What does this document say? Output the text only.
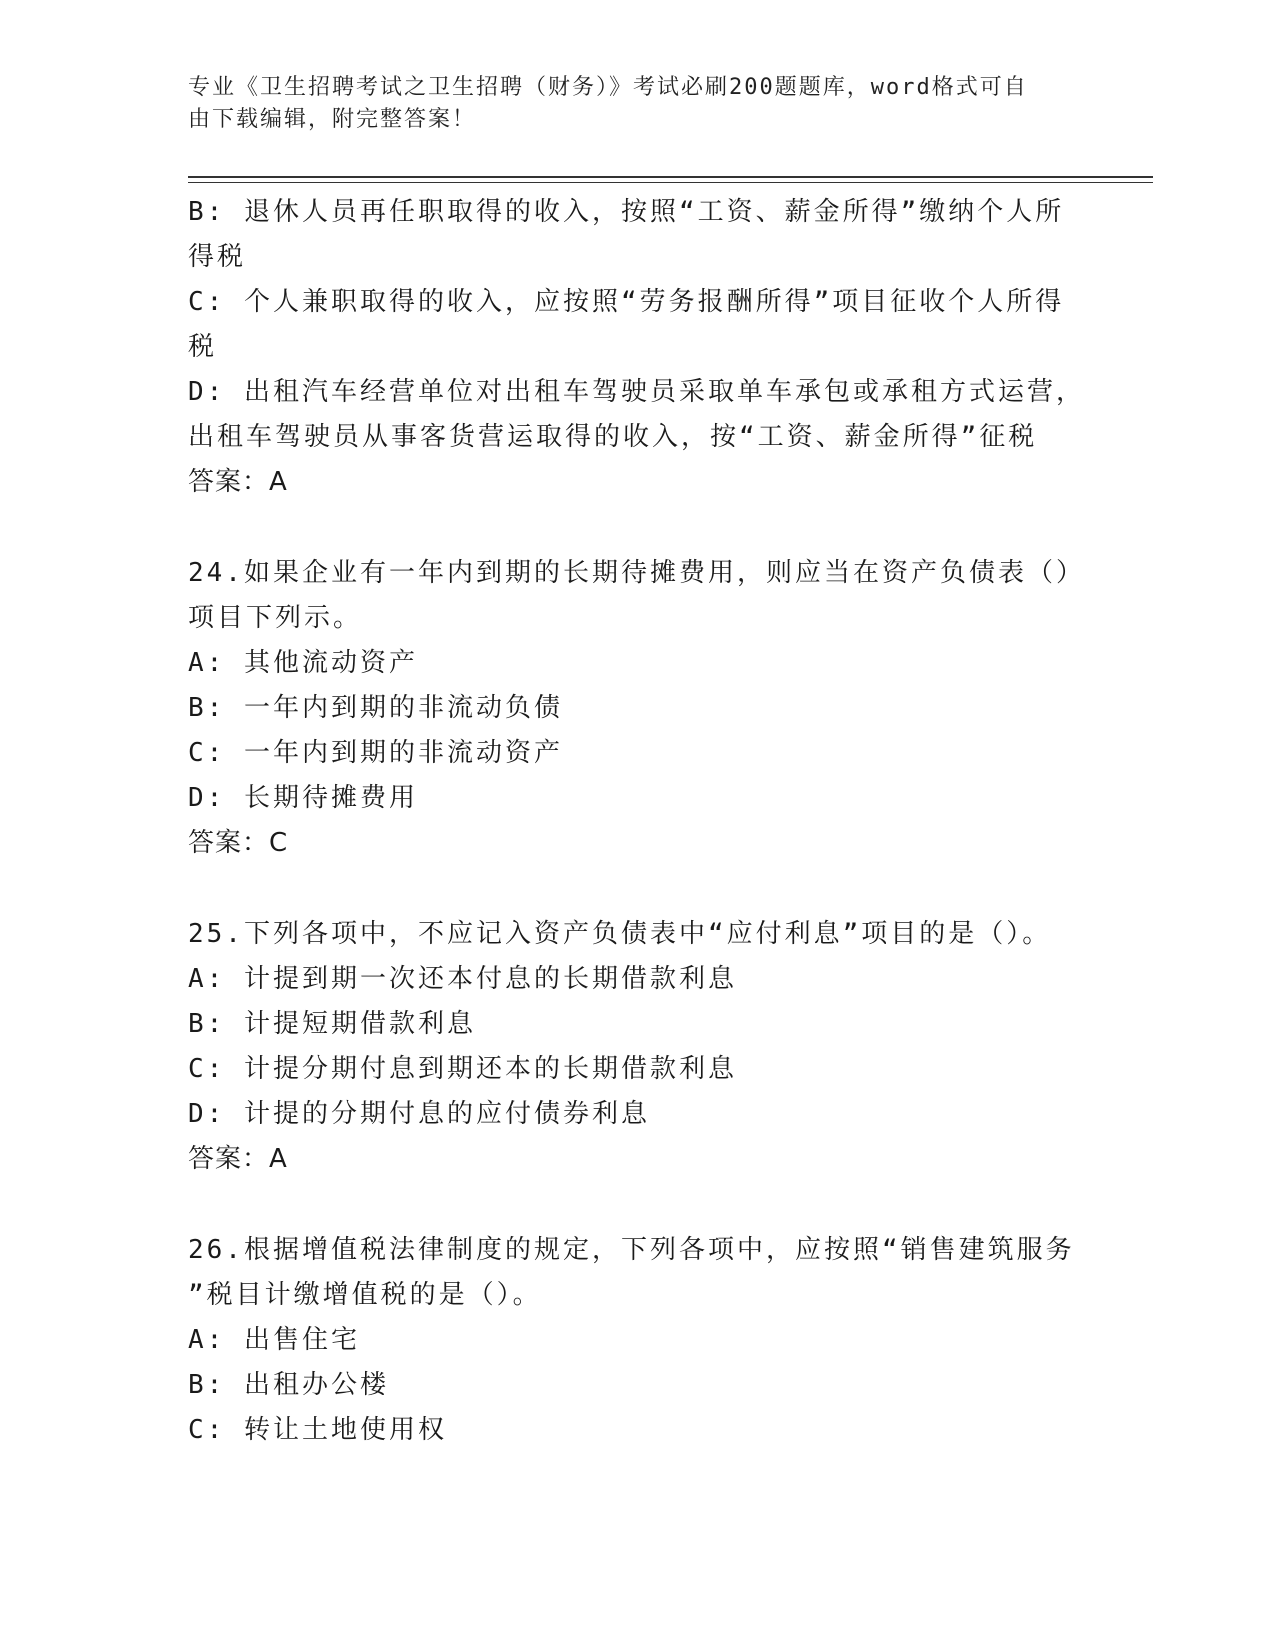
专业《卫生招聘考试之卫生招聘（财务）》考试必刷200题题库，word格式可自
由下载编辑，附完整答案！
B: 退休人员再任职取得的收入，按照“工资、薪金所得”缴纳个人所
得税
C: 个人兼职取得的收入，应按照“劳务报酬所得”项目征收个人所得
税
D: 出租汽车经营单位对出租车驾驶员采取单车承包或承租方式运营，
出租车驾驶员从事客货营运取得的收入，按“工资、薪金所得”征税
答案：A
24.如果企业有一年内到期的长期待摊费用，则应当在资产负债表（）
项目下列示。
A: 其他流动资产
B: 一年内到期的非流动负债
C: 一年内到期的非流动资产
D: 长期待摊费用
答案：C
25.下列各项中，不应记入资产负债表中“应付利息”项目的是（）。
A: 计提到期一次还本付息的长期借款利息
B: 计提短期借款利息
C: 计提分期付息到期还本的长期借款利息
D: 计提的分期付息的应付债券利息
答案：A
26.根据增值税法律制度的规定，下列各项中，应按照“销售建筑服务
”税目计缴增值税的是（）。
A: 出售住宅
B: 出租办公楼
C: 转让土地使用权
